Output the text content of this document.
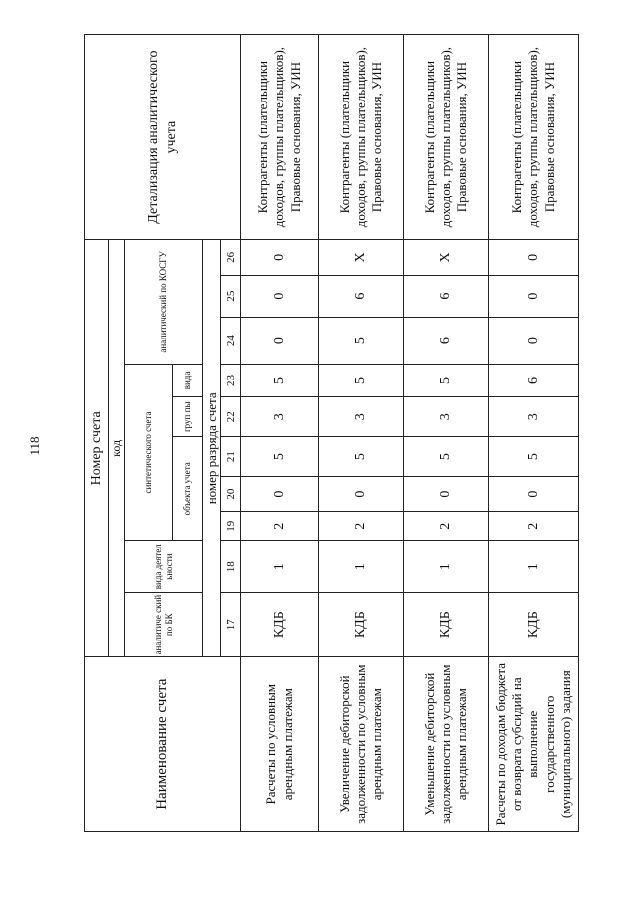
118
Наименование счета	Номер счета										Детализация аналитического учета
	код										
	аналитиче ский по БК	вида деятел ьности	синтетического счета					аналитический по КОСГУ			
			объекта учета			груп пы	вида				
	номер разряда счета										
	17	18	19	20	21	22	23	24	25	26	
Расчеты по условным арендным платежам	КДБ	1	2	0	5	3	5	0	0	0	Контрагенты (плательщики доходов, группы плательщиков), Правовые основания, УИН
Увеличение дебиторской задолженности по условным арендным платежам	КДБ	1	2	0	5	3	5	5	6	X	Контрагенты (плательщики доходов, группы плательщиков), Правовые основания, УИН
Уменьшение дебиторской задолженности по условным арендным платежам	КДБ	1	2	0	5	3	5	6	6	X	Контрагенты (плательщики доходов, группы плательщиков), Правовые основания, УИН
Расчеты по доходам бюджета от возврата субсидий на выполнение государственного (муниципального) задания	КДБ	1	2	0	5	3	6	0	0	0	Контрагенты (плательщики доходов, группы плательщиков), Правовые основания, УИН
